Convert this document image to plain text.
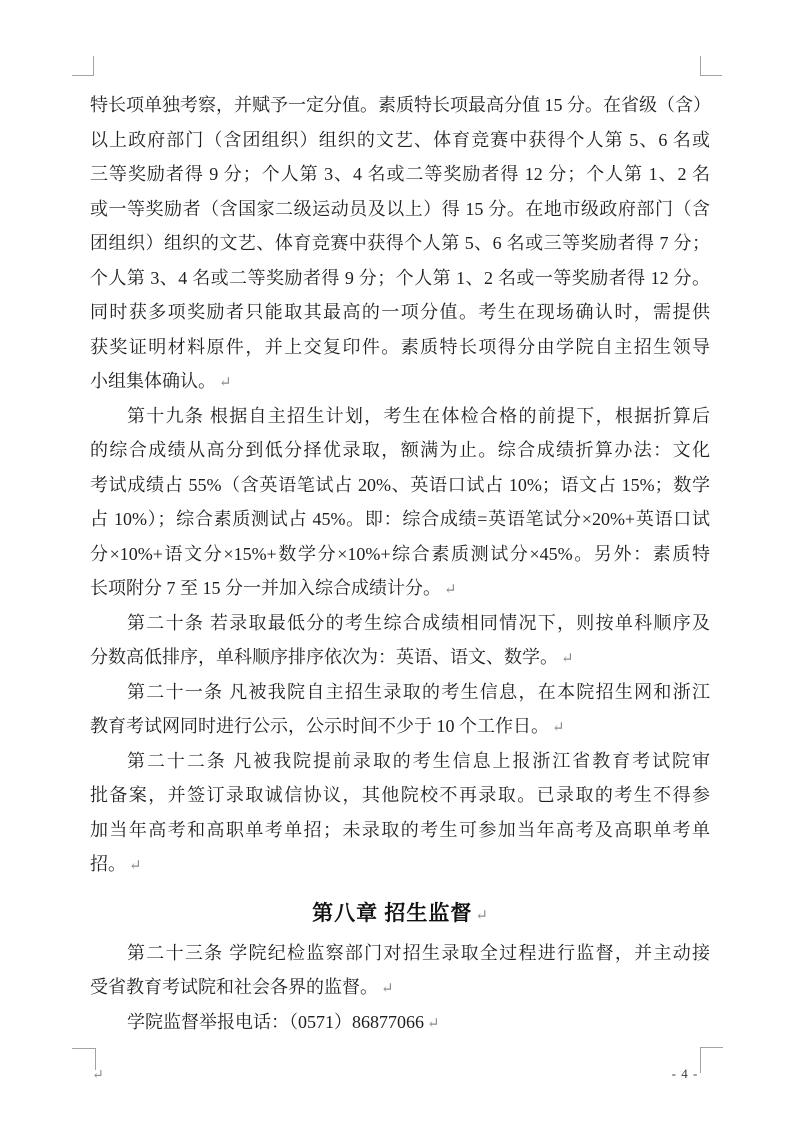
特长项单独考察，并赋予一定分值。素质特长项最高分值 15 分。在省级（含）
以上政府部门（含团组织）组织的文艺、体育竞赛中获得个人第 5、6 名或
三等奖励者得 9 分；个人第 3、4 名或二等奖励者得 12 分；个人第 1、2 名
或一等奖励者（含国家二级运动员及以上）得 15 分。在地市级政府部门（含
团组织）组织的文艺、体育竞赛中获得个人第 5、6 名或三等奖励者得 7 分；
个人第 3、4 名或二等奖励者得 9 分；个人第 1、2 名或一等奖励者得 12 分。
同时获多项奖励者只能取其最高的一项分值。考生在现场确认时，需提供
获奖证明材料原件，并上交复印件。素质特长项得分由学院自主招生领导
小组集体确认。 ↵
第十九条 根据自主招生计划，考生在体检合格的前提下，根据折算后
的综合成绩从高分到低分择优录取，额满为止。综合成绩折算办法：文化
考试成绩占 55%（含英语笔试占 20%、英语口试占 10%；语文占 15%；数学
占 10%）；综合素质测试占 45%。即：综合成绩=英语笔试分×20%+英语口试
分×10%+语文分×15%+数学分×10%+综合素质测试分×45%。另外：素质特
长项附分 7 至 15 分一并加入综合成绩计分。 ↵
第二十条 若录取最低分的考生综合成绩相同情况下，则按单科顺序及
分数高低排序，单科顺序排序依次为：英语、语文、数学。 ↵
第二十一条 凡被我院自主招生录取的考生信息，在本院招生网和浙江
教育考试网同时进行公示，公示时间不少于 10 个工作日。 ↵
第二十二条 凡被我院提前录取的考生信息上报浙江省教育考试院审
批备案，并签订录取诚信协议，其他院校不再录取。已录取的考生不得参
加当年高考和高职单考单招；未录取的考生可参加当年高考及高职单考单
招。 ↵
第八章 招生监督 ↵
第二十三条 学院纪检监察部门对招生录取全过程进行监督，并主动接
受省教育考试院和社会各界的监督。 ↵
学院监督举报电话：（0571）86877066 ↵
↵	- 4 -
